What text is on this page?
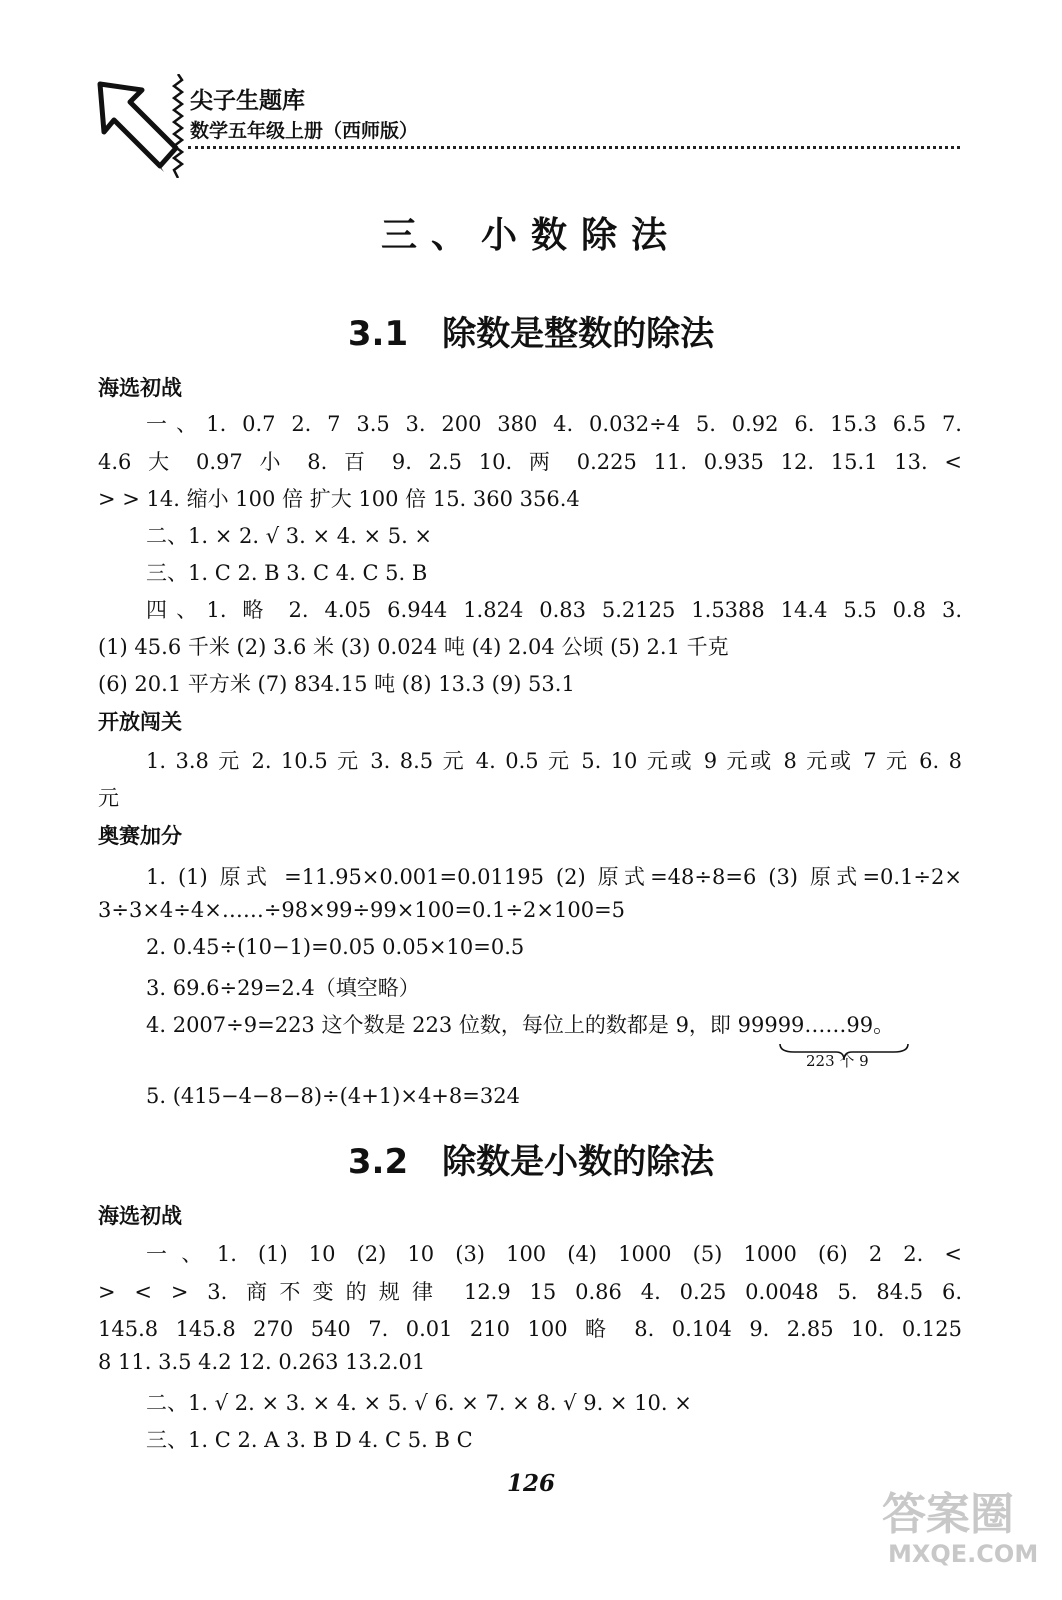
尖子生题库
数学五年级上册（西师版）
三、小数除法
3.1 除数是整数的除法
海选初战
一、1. 0.7 2. 7 3.5 3. 200 380 4. 0.032÷4 5. 0.92 6. 15.3 6.5 7.
4.6 大 0.97 小 8. 百 9. 2.5 10. 两 0.225 11. 0.935 12. 15.1 13. <
> > 14. 缩小 100 倍 扩大 100 倍 15. 360 356.4
二、1. × 2. √ 3. × 4. × 5. ×
三、1. C 2. B 3. C 4. C 5. B
四、1. 略 2. 4.05 6.944 1.824 0.83 5.2125 1.5388 14.4 5.5 0.8 3.
(1) 45.6 千米 (2) 3.6 米 (3) 0.024 吨 (4) 2.04 公顷 (5) 2.1 千克
(6) 20.1 平方米 (7) 834.15 吨 (8) 13.3 (9) 53.1
开放闯关
1. 3.8 元 2. 10.5 元 3. 8.5 元 4. 0.5 元 5. 10 元或 9 元或 8 元或 7 元 6. 8
元
奥赛加分
1. (1) 原式 =11.95×0.001=0.01195 (2) 原式=48÷8=6 (3) 原式=0.1÷2×
3÷3×4÷4×……÷98×99÷99×100=0.1÷2×100=5
2. 0.45÷(10−1)=0.05 0.05×10=0.5
3. 69.6÷29=2.4（填空略）
4. 2007÷9=223 这个数是 223 位数，每位上的数都是 9，即 99999……99。
223 个 9
5. (415−4−8−8)÷(4+1)×4+8=324
3.2 除数是小数的除法
海选初战
一、1. (1) 10 (2) 10 (3) 100 (4) 1000 (5) 1000 (6) 2 2. <
> < > 3. 商不变的规律 12.9 15 0.86 4. 0.25 0.0048 5. 84.5 6.
145.8 145.8 270 540 7. 0.01 210 100 略 8. 0.104 9. 2.85 10. 0.125
8 11. 3.5 4.2 12. 0.263 13.2.01
二、1. √ 2. × 3. × 4. × 5. √ 6. × 7. × 8. √ 9. × 10. ×
三、1. C 2. A 3. B D 4. C 5. B C
126
答案圈
MXQE.COM
